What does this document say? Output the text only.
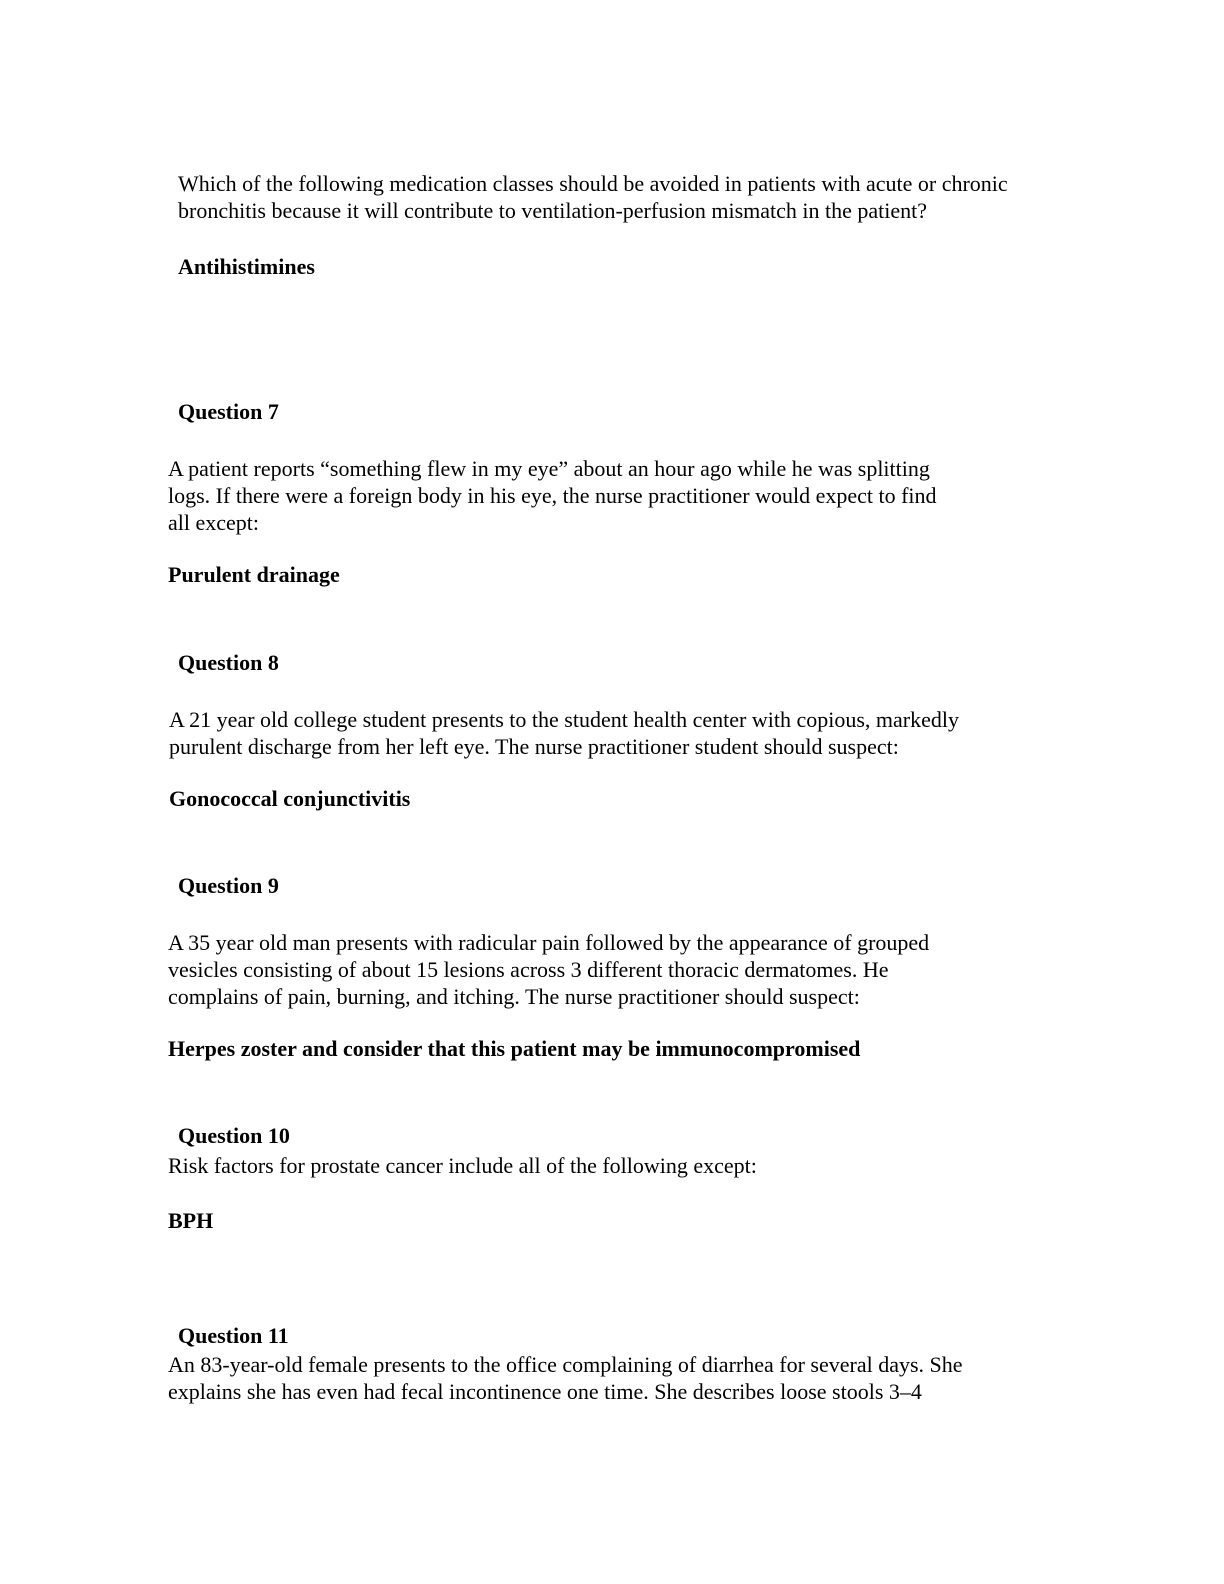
Which of the following medication classes should be avoided in patients with acute or chronic
bronchitis because it will contribute to ventilation-perfusion mismatch in the patient?

Antihistimines

Question 7

A patient reports “something flew in my eye” about an hour ago while he was splitting
logs. If there were a foreign body in his eye, the nurse practitioner would expect to find
all except:

Purulent drainage

Question 8

A 21 year old college student presents to the student health center with copious, markedly
purulent discharge from her left eye. The nurse practitioner student should suspect:

Gonococcal conjunctivitis

Question 9

A 35 year old man presents with radicular pain followed by the appearance of grouped
vesicles consisting of about 15 lesions across 3 different thoracic dermatomes. He
complains of pain, burning, and itching. The nurse practitioner should suspect:

Herpes zoster and consider that this patient may be immunocompromised

Question 10

Risk factors for prostate cancer include all of the following except:

BPH

Question 11

An 83-year-old female presents to the office complaining of diarrhea for several days. She
explains she has even had fecal incontinence one time. She describes loose stools 3–4
